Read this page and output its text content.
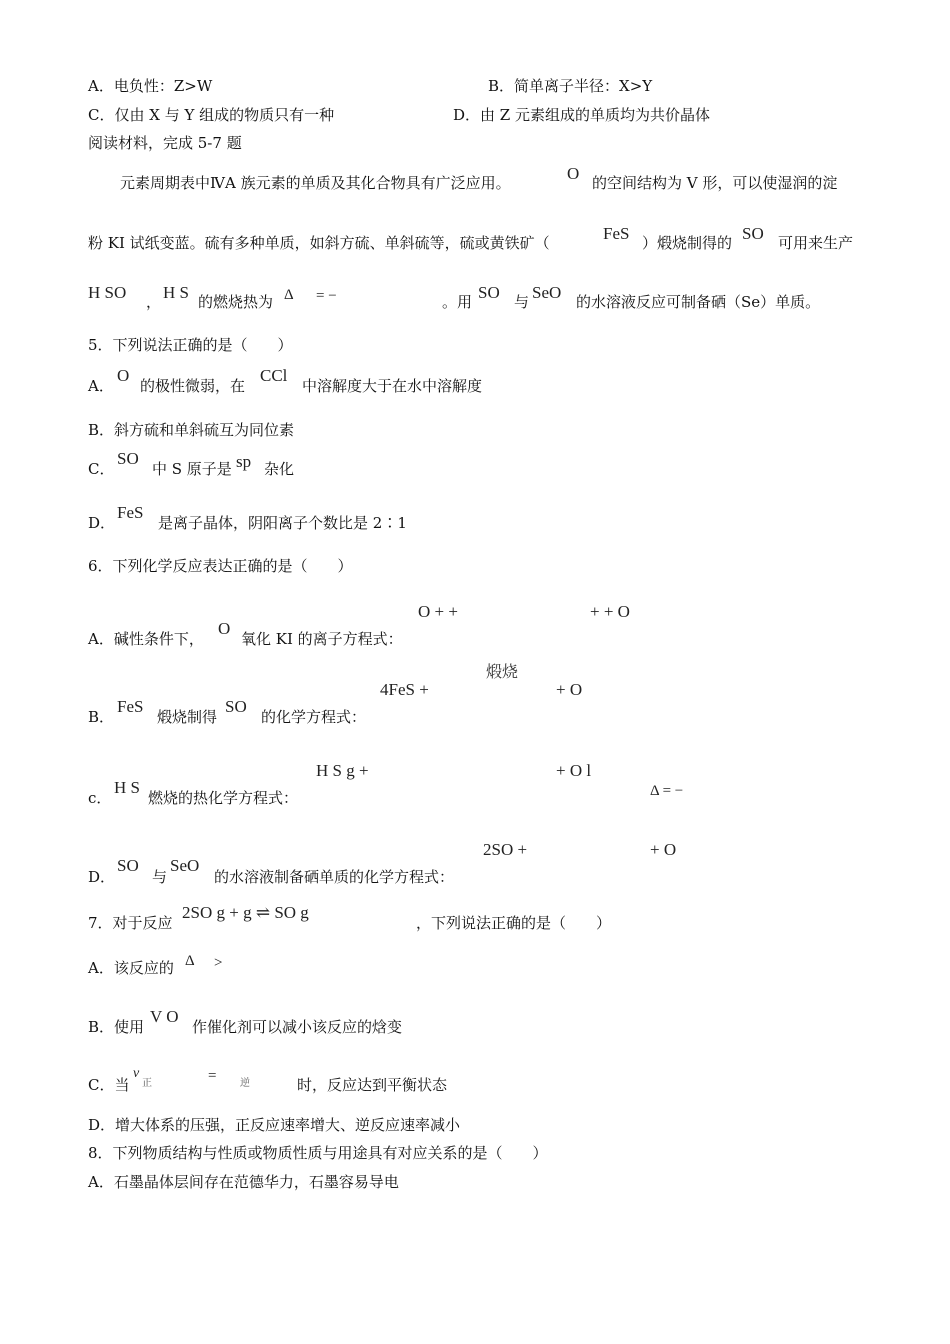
A．电负性：Z>W	B．简单离子半径：X>Y
C．仅由 X 与 Y 组成的物质只有一种	D．由 Z 元素组成的单质均为共价晶体
阅读材料，完成 5-7 题
元素周期表中ⅣA 族元素的单质及其化合物具有广泛应用。	O 的空间结构为 V 形，可以使湿润的淀
粉 KI 试纸变蓝。硫有多种单质，如斜方硫、单斜硫等，硫或黄铁矿（	FeS ）煅烧制得的 SO 可用来生产
H SO ， H S 的燃烧热为 Δ = −	。用 SO 与 SeO 的水溶液反应可制备硒（Se）单质。
5．下列说法正确的是（　　）
A．
O
的极性微弱，在
CCl
中溶解度大于在水中溶解度
B．斜方硫和单斜硫互为同位素
C．
SO
中 S 原子是 sp 杂化
D．
FeS
是离子晶体，阴阳离子个数比是 2∶1
6．下列化学反应表达正确的是（　　）
O + +	+ + O
A．碱性条件下，
O
氧化 KI 的离子方程式：
煅烧
4FeS +	+ O
B．
FeS
煅烧制得
SO
的化学方程式：
H S g +	+ O l
Δ = −
c．
H S
燃烧的热化学方程式：
2SO +	+ O
D．
SO
与
SeO
的水溶液制备硒单质的化学方程式：
7．对于反应
2SO g + g ⇌ SO g
，下列说法正确的是（　　）
A．该反应的 Δ >
B．使用
V O
作催化剂可以减小该反应的焓变
C．当
v
正	= 逆	时，反应达到平衡状态
D．增大体系的压强，正反应速率增大、逆反应速率减小
8．下列物质结构与性质或物质性质与用途具有对应关系的是（　　）
A．石墨晶体层间存在范德华力，石墨容易导电
